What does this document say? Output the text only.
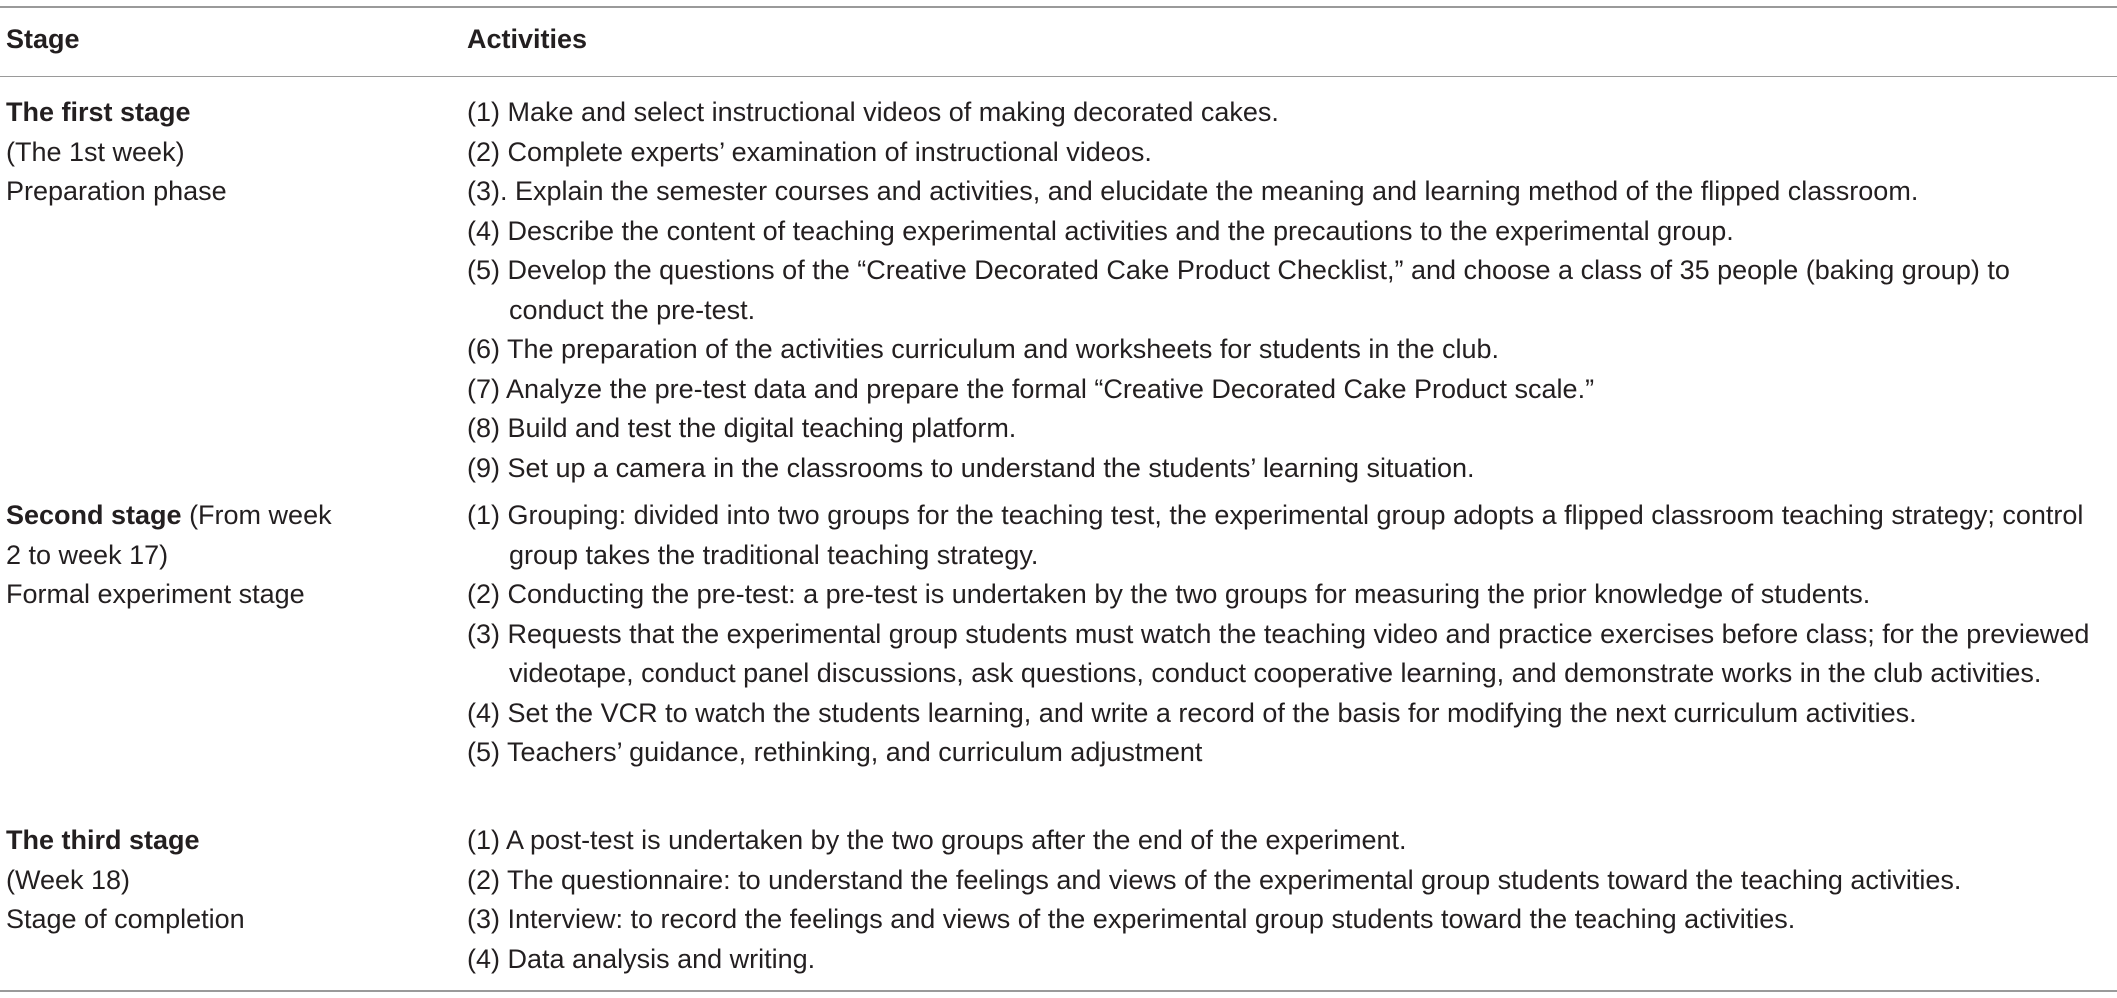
Stage	Activities
The first stage
(The 1st week)
Preparation phase

(1) Make and select instructional videos of making decorated cakes.

(2) Complete experts’ examination of instructional videos.

(3). Explain the semester courses and activities, and elucidate the meaning and learning method of the flipped classroom.

(4) Describe the content of teaching experimental activities and the precautions to the experimental group.

(5) Develop the questions of the “Creative Decorated Cake Product Checklist,” and choose a class of 35 people (baking group) to conduct the pre-test.

(6) The preparation of the activities curriculum and worksheets for students in the club.

(7) Analyze the pre-test data and prepare the formal “Creative Decorated Cake Product scale.”

(8) Build and test the digital teaching platform.

(9) Set up a camera in the classrooms to understand the students’ learning situation.

Second stage (From week
2 to week 17)
Formal experiment stage

(1) Grouping: divided into two groups for the teaching test, the experimental group adopts a flipped classroom teaching strategy; control group takes the traditional teaching strategy.

(2) Conducting the pre-test: a pre-test is undertaken by the two groups for measuring the prior knowledge of students.

(3) Requests that the experimental group students must watch the teaching video and practice exercises before class; for the previewed videotape, conduct panel discussions, ask questions, conduct cooperative learning, and demonstrate works in the club activities.

(4) Set the VCR to watch the students learning, and write a record of the basis for modifying the next curriculum activities.

(5) Teachers’ guidance, rethinking, and curriculum adjustment

The third stage
(Week 18)
Stage of completion

(1) A post-test is undertaken by the two groups after the end of the experiment.

(2) The questionnaire: to understand the feelings and views of the experimental group students toward the teaching activities.

(3) Interview: to record the feelings and views of the experimental group students toward the teaching activities.

(4) Data analysis and writing.
